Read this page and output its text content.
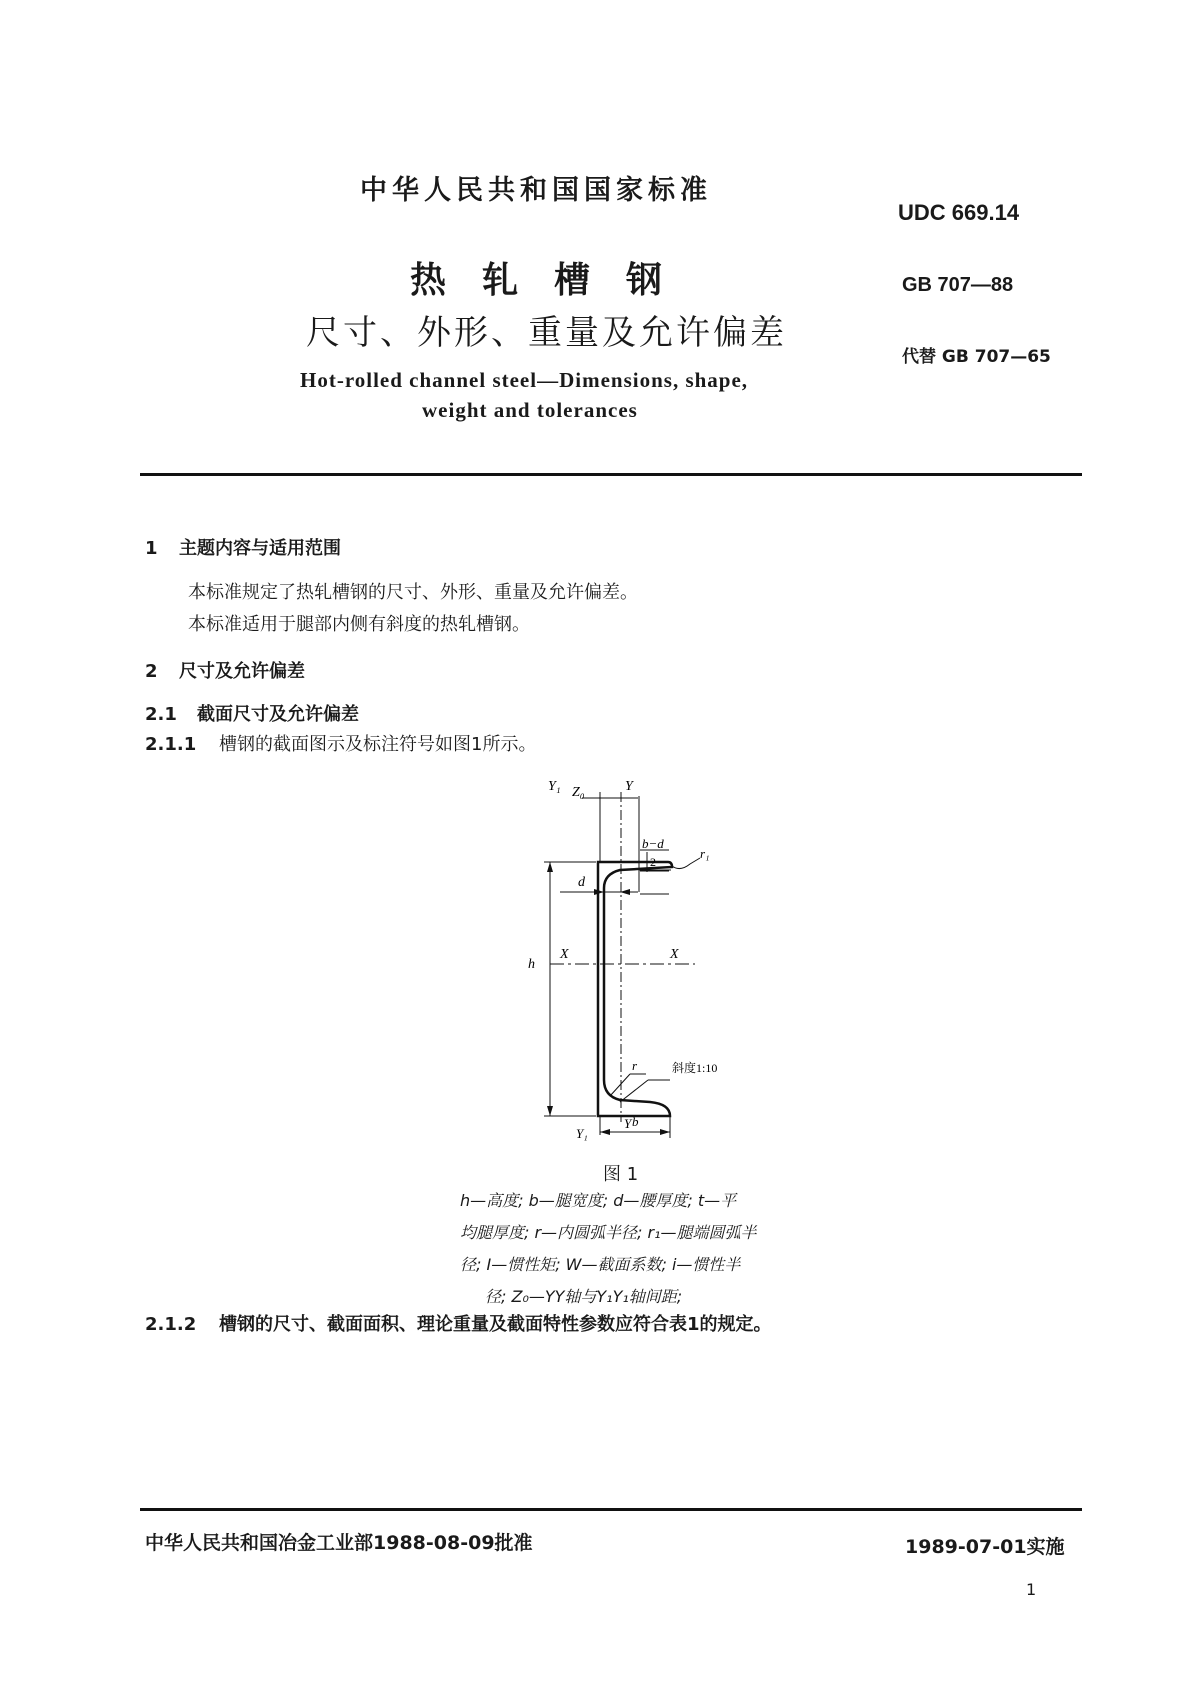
中华人民共和国国家标准
UDC 669.14
热轧槽钢	GB 707—88
尺寸、外形、重量及允许偏差
代替 GB 707—65
Hot-rolled channel steel—Dimensions, shape,
weight and tolerances
1 主题内容与适用范围
本标准规定了热轧槽钢的尺寸、外形、重量及允许偏差。
本标准适用于腿部内侧有斜度的热轧槽钢。
2 尺寸及允许偏差
2.1 截面尺寸及允许偏差
2.1.1 槽钢的截面图示及标注符号如图1所示。
Y₁ Z₀	Y
r₁
b−d
2
d
h
X	X
r	斜度1:10
Y
Y₁
b
图 1
h—高度; b—腿宽度; d—腰厚度; t—平
均腿厚度; r—内圆弧半径; r₁—腿端圆弧半
径; I—惯性矩; W—截面系数; i—惯性半
径; Z₀—YY轴与Y₁Y₁轴间距;
2.1.2 槽钢的尺寸、截面面积、理论重量及截面特性参数应符合表1的规定。
中华人民共和国冶金工业部1988-08-09批准	1989-07-01实施
1
